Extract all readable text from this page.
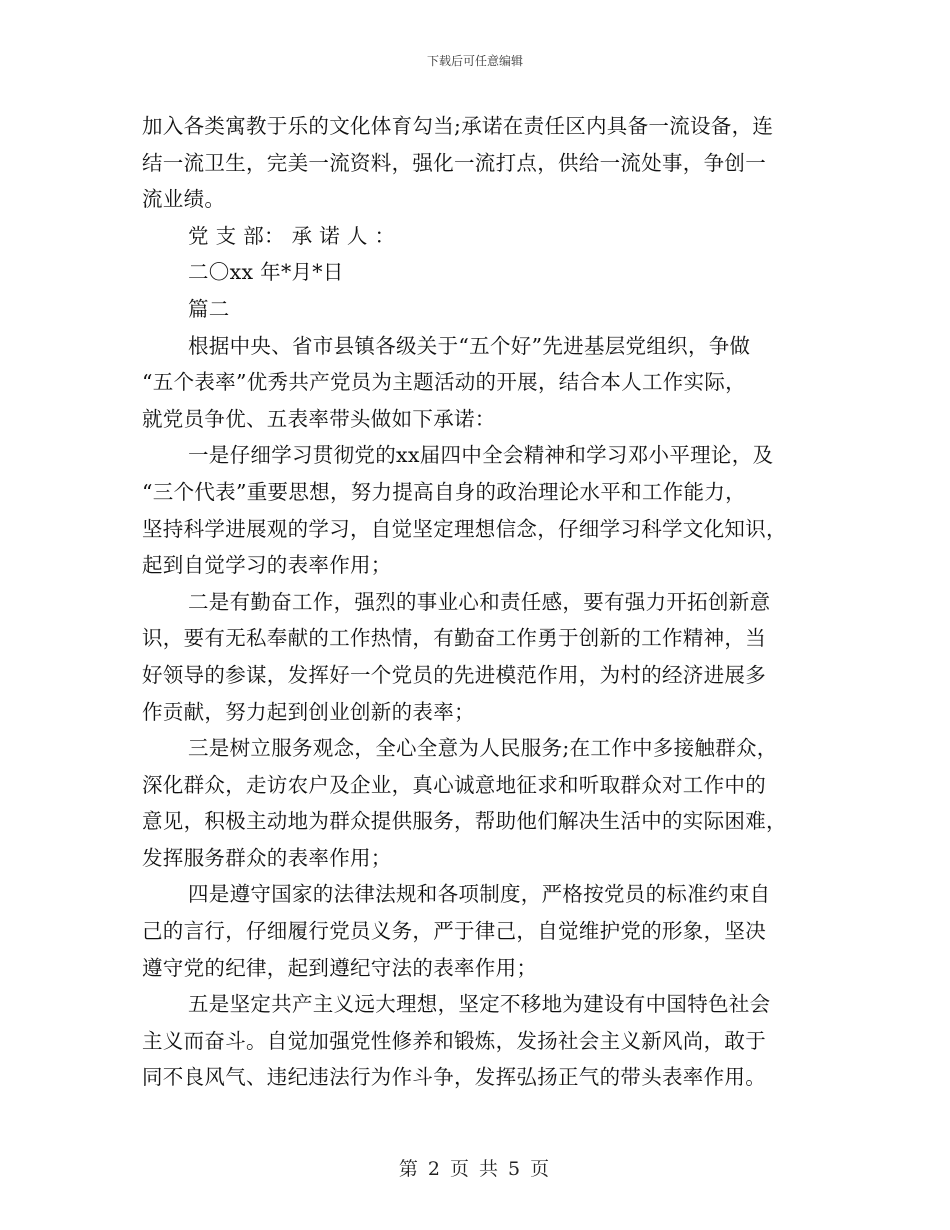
下载后可任意编辑
加入各类寓教于乐的文化体育勾当;承诺在责任区内具备一流设备，连
结一流卫生，完美一流资料，强化一流打点，供给一流处事，争创一
流业绩。
党 支 部： 承 诺 人 ：
二〇xx 年*月*日
篇二
根据中央、省市县镇各级关于“五个好”先进基层党组织，争做
“五个表率”优秀共产党员为主题活动的开展，结合本人工作实际，
就党员争优、五表率带头做如下承诺：
一是仔细学习贯彻党的xx届四中全会精神和学习邓小平理论，及
“三个代表”重要思想，努力提高自身的政治理论水平和工作能力，
坚持科学进展观的学习，自觉坚定理想信念，仔细学习科学文化知识，
起到自觉学习的表率作用；
二是有勤奋工作，强烈的事业心和责任感，要有强力开拓创新意
识，要有无私奉献的工作热情，有勤奋工作勇于创新的工作精神，当
好领导的参谋，发挥好一个党员的先进模范作用，为村的经济进展多
作贡献，努力起到创业创新的表率；
三是树立服务观念，全心全意为人民服务;在工作中多接触群众，
深化群众，走访农户及企业，真心诚意地征求和听取群众对工作中的
意见，积极主动地为群众提供服务，帮助他们解决生活中的实际困难，
发挥服务群众的表率作用；
四是遵守国家的法律法规和各项制度，严格按党员的标准约束自
己的言行，仔细履行党员义务，严于律己，自觉维护党的形象，坚决
遵守党的纪律，起到遵纪守法的表率作用；
五是坚定共产主义远大理想，坚定不移地为建设有中国特色社会
主义而奋斗。自觉加强党性修养和锻炼，发扬社会主义新风尚，敢于
同不良风气、违纪违法行为作斗争，发挥弘扬正气的带头表率作用。
第 2 页 共 5 页
